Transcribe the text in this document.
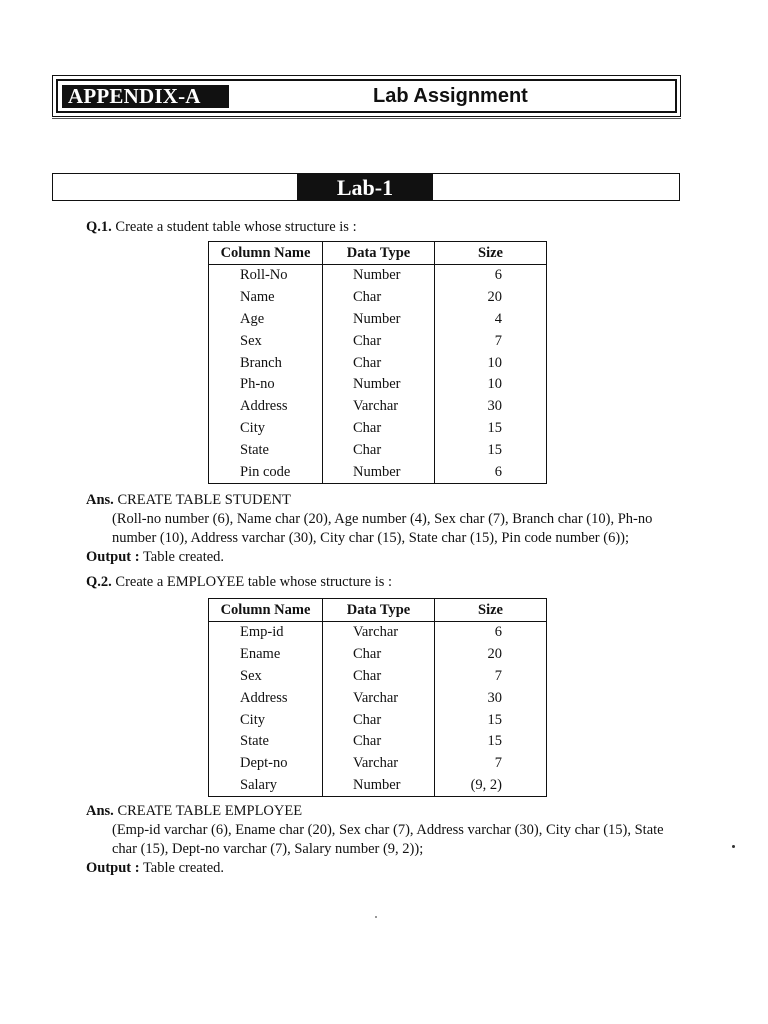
APPENDIX-A	Lab Assignment
Lab-1
Q.1. Create a student table whose structure is :
Column Name	Data Type	Size
Roll-No	Number	6
Name	Char	20
Age	Number	4
Sex	Char	7
Branch	Char	10
Ph-no	Number	10
Address	Varchar	30
City	Char	15
State	Char	15
Pin code	Number	6
Ans. CREATE TABLE STUDENT
(Roll-no number (6), Name char (20), Age number (4), Sex char (7), Branch char (10), Ph-no number (10), Address varchar (30), City char (15), State char (15), Pin code number (6));
Output : Table created.
Q.2. Create a EMPLOYEE table whose structure is :
Column Name	Data Type	Size
Emp-id	Varchar	6
Ename	Char	20
Sex	Char	7
Address	Varchar	30
City	Char	15
State	Char	15
Dept-no	Varchar	7
Salary	Number	(9, 2)
Ans. CREATE TABLE EMPLOYEE
(Emp-id varchar (6), Ename char (20), Sex char (7), Address varchar (30), City char (15), State char (15), Dept-no varchar (7), Salary number (9, 2));
Output : Table created.
